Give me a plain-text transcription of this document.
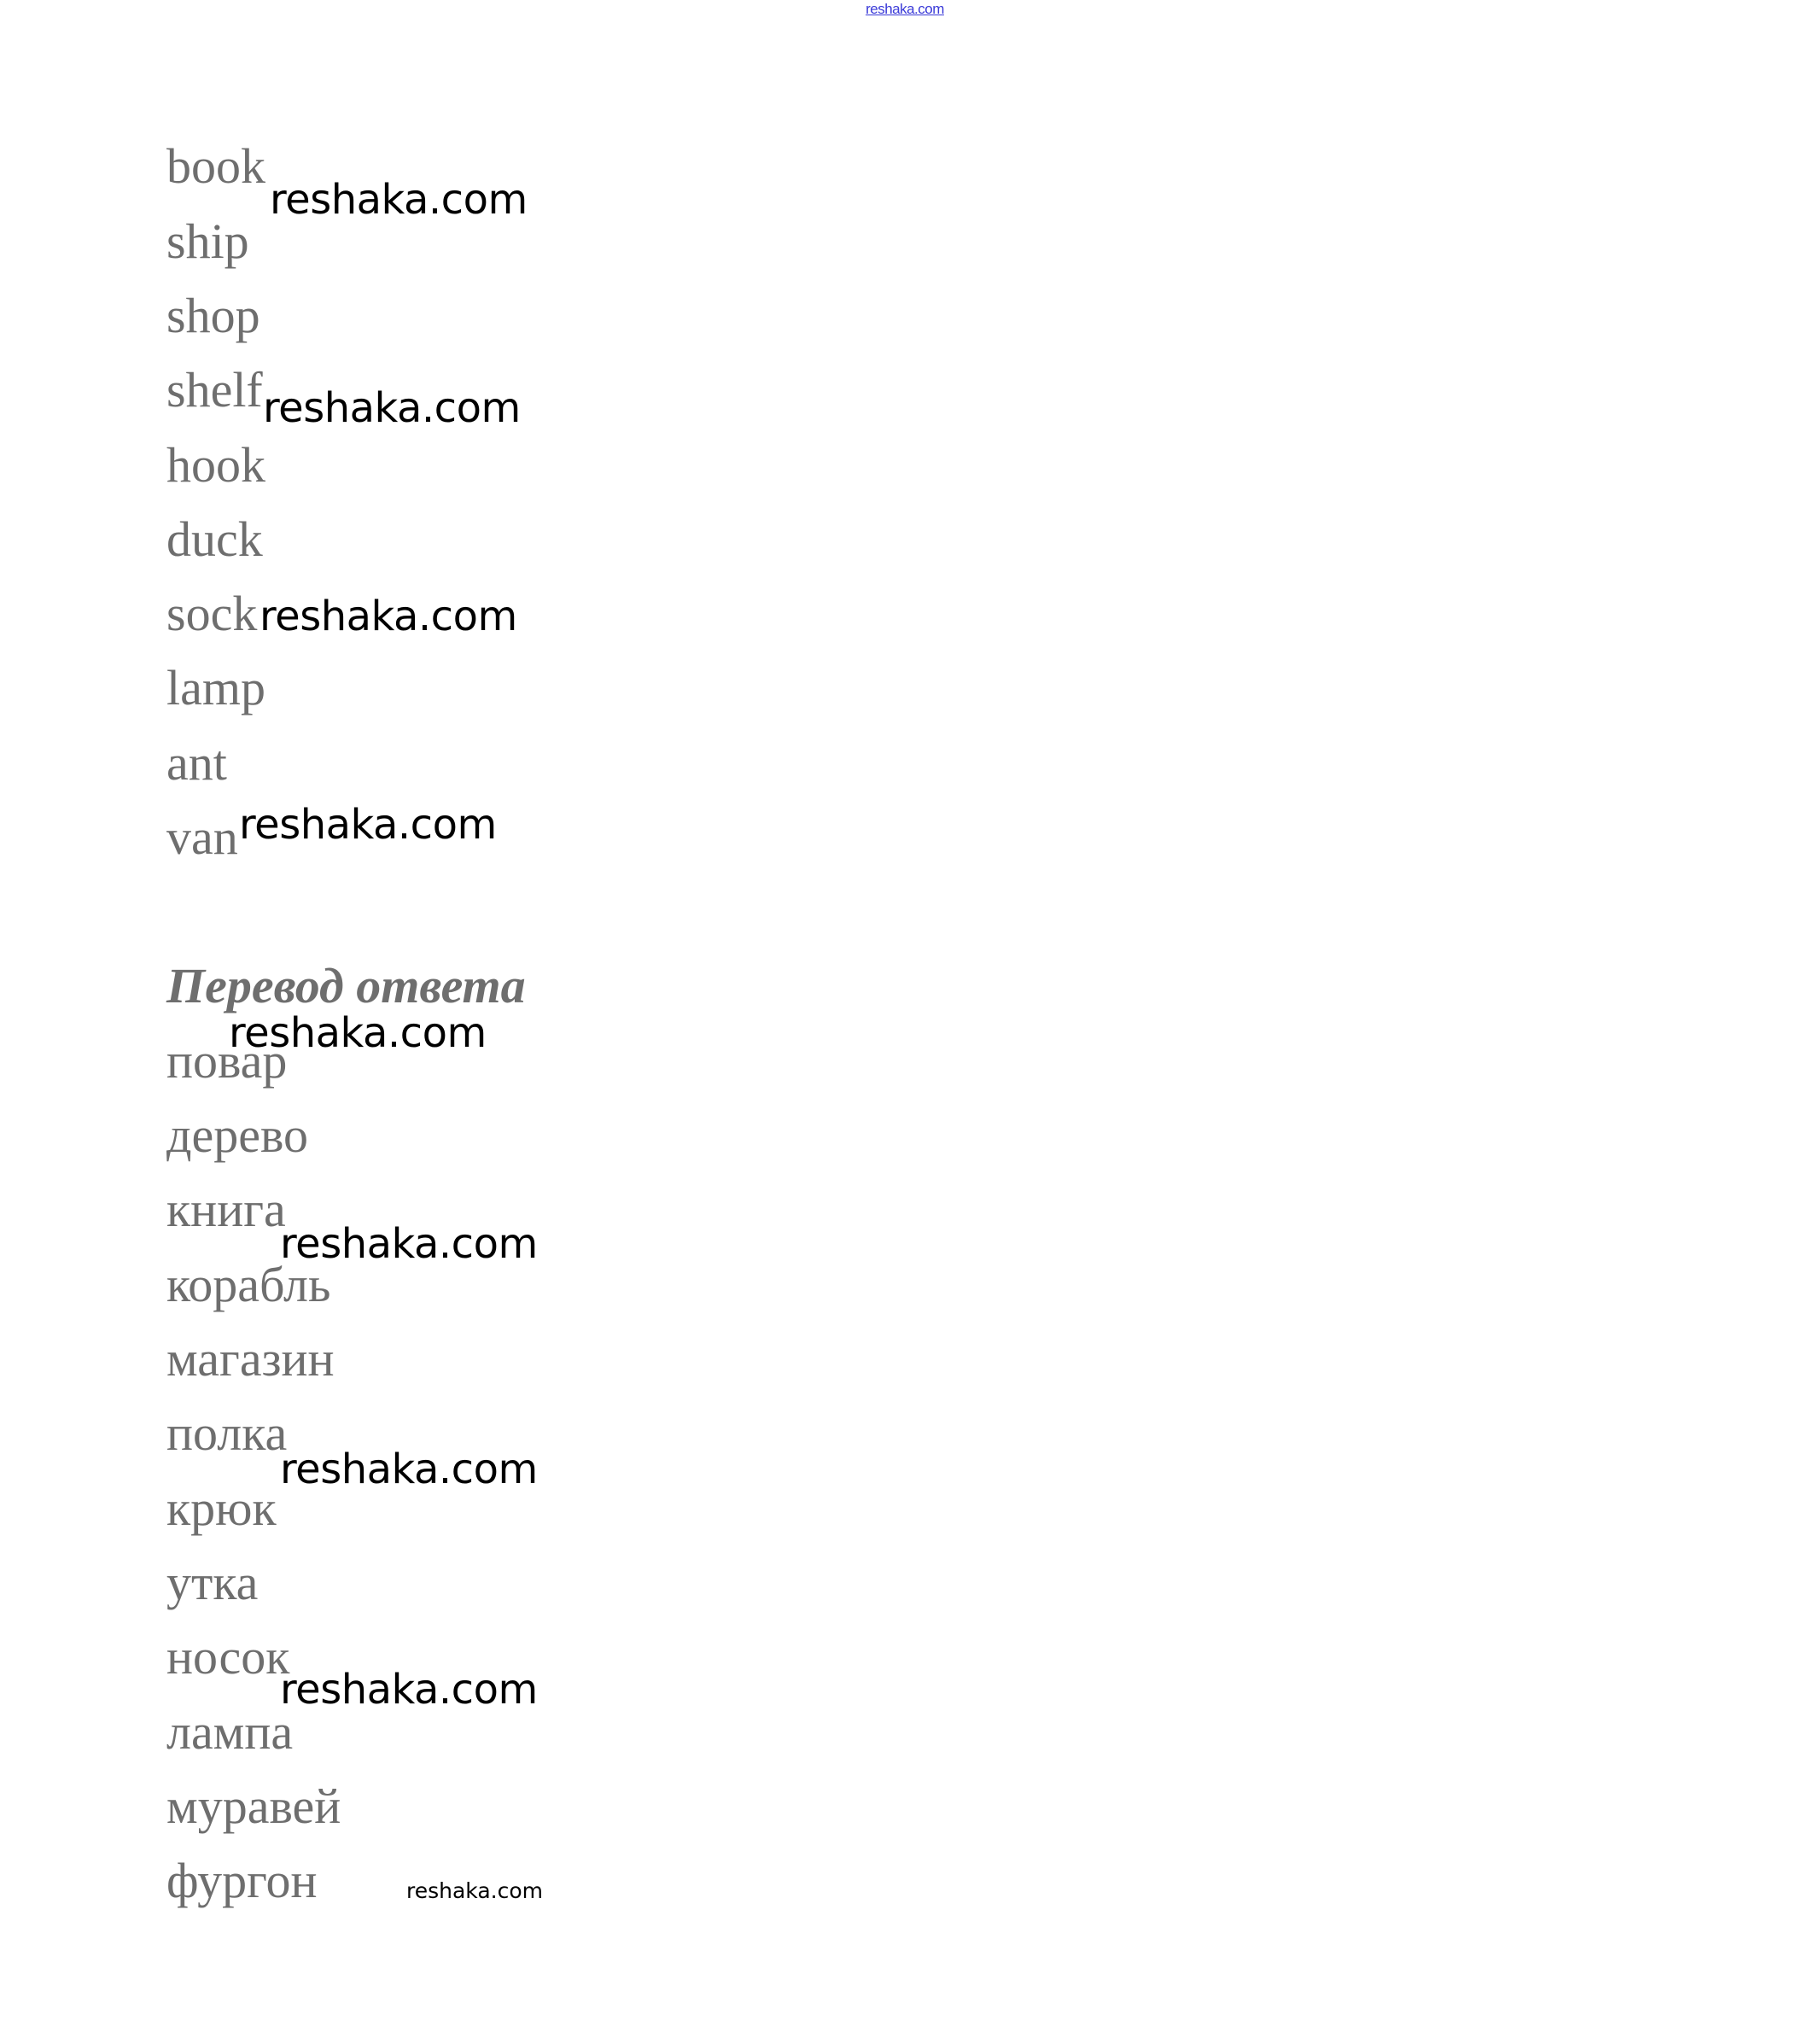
reshaka.com
book
ship
shop
shelf
hook
duck
sock
lamp
ant
van
Перевод ответа
повар
дерево
книга
корабль
магазин
полка
крюк
утка
носок
лампа
муравей
фургон
reshaka.com
reshaka.com
reshaka.com
reshaka.com
reshaka.com
reshaka.com
reshaka.com
reshaka.com
reshaka.com
